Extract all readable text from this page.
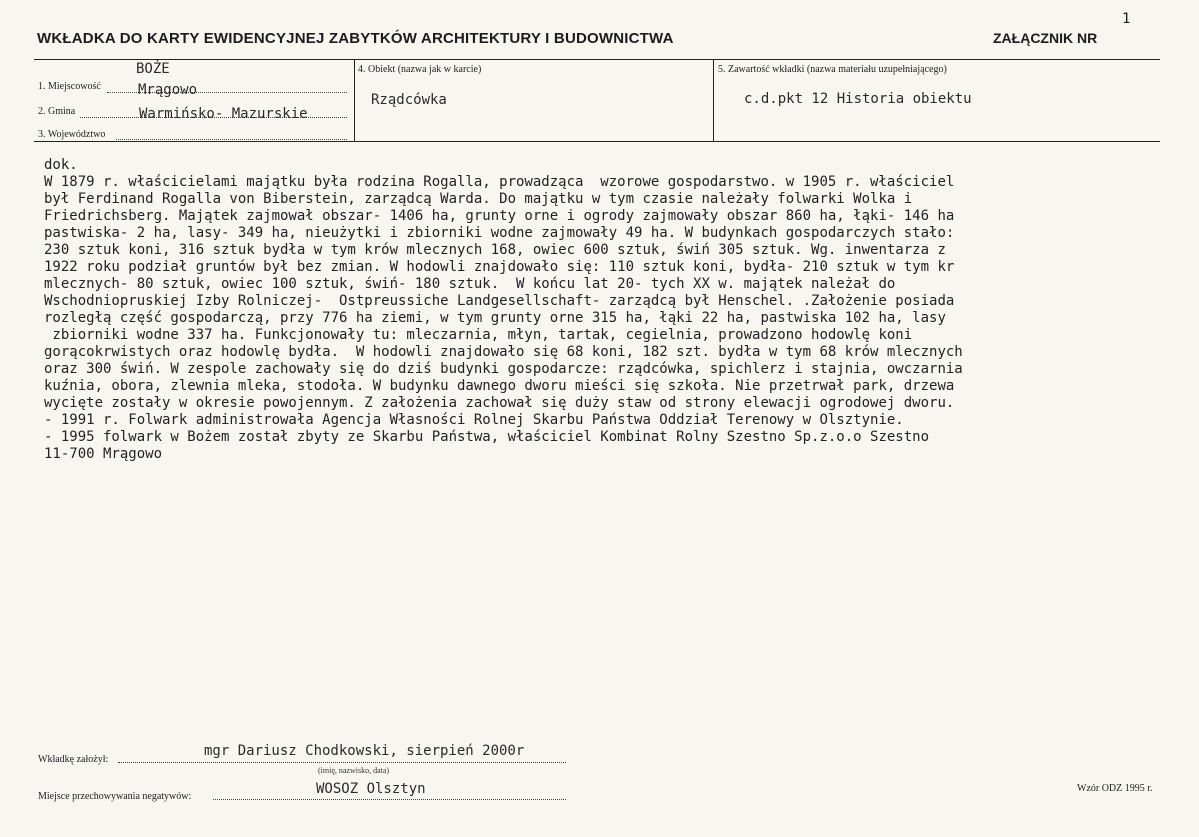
WKŁADKA DO KARTY EWIDENCYJNEJ ZABYTKÓW ARCHITEKTURY I BUDOWNICTWA	ZAŁĄCZNIK NR
1
1. Miejscowość
BOŻE
2. Gmina
Mrągowo
3. Województwo
Warmińsko- Mazurskie
4. Obiekt (nazwa jak w karcie)
Rządcówka
5. Zawartość wkładki (nazwa materiału uzupełniającego)
c.d.pkt 12 Historia obiektu
dok.
W 1879 r. właścicielami majątku była rodzina Rogalla, prowadząca  wzorowe gospodarstwo. w 1905 r. właściciel
był Ferdinand Rogalla von Biberstein, zarządcą Warda. Do majątku w tym czasie należały folwarki Wolka i
Friedrichsberg. Majątek zajmował obszar- 1406 ha, grunty orne i ogrody zajmowały obszar 860 ha, łąki- 146 ha
pastwiska- 2 ha, lasy- 349 ha, nieużytki i zbiorniki wodne zajmowały 49 ha. W budynkach gospodarczych stało:
230 sztuk koni, 316 sztuk bydła w tym krów mlecznych 168, owiec 600 sztuk, świń 305 sztuk. Wg. inwentarza z
1922 roku podział gruntów był bez zmian. W hodowli znajdowało się: 110 sztuk koni, bydła- 210 sztuk w tym kr
mlecznych- 80 sztuk, owiec 100 sztuk, świń- 180 sztuk.  W końcu lat 20- tych XX w. majątek należał do
Wschodniopruskiej Izby Rolniczej-  Ostpreussiche Landgesellschaft- zarządcą był Henschel. .Założenie posiada
rozległą część gospodarczą, przy 776 ha ziemi, w tym grunty orne 315 ha, łąki 22 ha, pastwiska 102 ha, lasy
zbiorniki wodne 337 ha. Funkcjonowały tu: mleczarnia, młyn, tartak, cegielnia, prowadzono hodowlę koni
gorącokrwistych oraz hodowlę bydła.  W hodowli znajdowało się 68 koni, 182 szt. bydła w tym 68 krów mlecznych
oraz 300 świń. W zespole zachowały się do dziś budynki gospodarcze: rządcówka, spichlerz i stajnia, owczarnia
kuźnia, obora, zlewnia mleka, stodoła. W budynku dawnego dworu mieści się szkoła. Nie przetrwał park, drzewa
wycięte zostały w okresie powojennym. Z założenia zachował się duży staw od strony elewacji ogrodowej dworu.
- 1991 r. Folwark administrowała Agencja Własności Rolnej Skarbu Państwa Oddział Terenowy w Olsztynie.
- 1995 folwark w Bożem został zbyty ze Skarbu Państwa, właściciel Kombinat Rolny Szestno Sp.z.o.o Szestno
11-700 Mrągowo
Wkładkę założył:
mgr Dariusz Chodkowski, sierpień 2000r
(imię, nazwisko, data)
Miejsce przechowywania negatywów:	WOSOZ Olsztyn	Wzór ODZ 1995 r.
